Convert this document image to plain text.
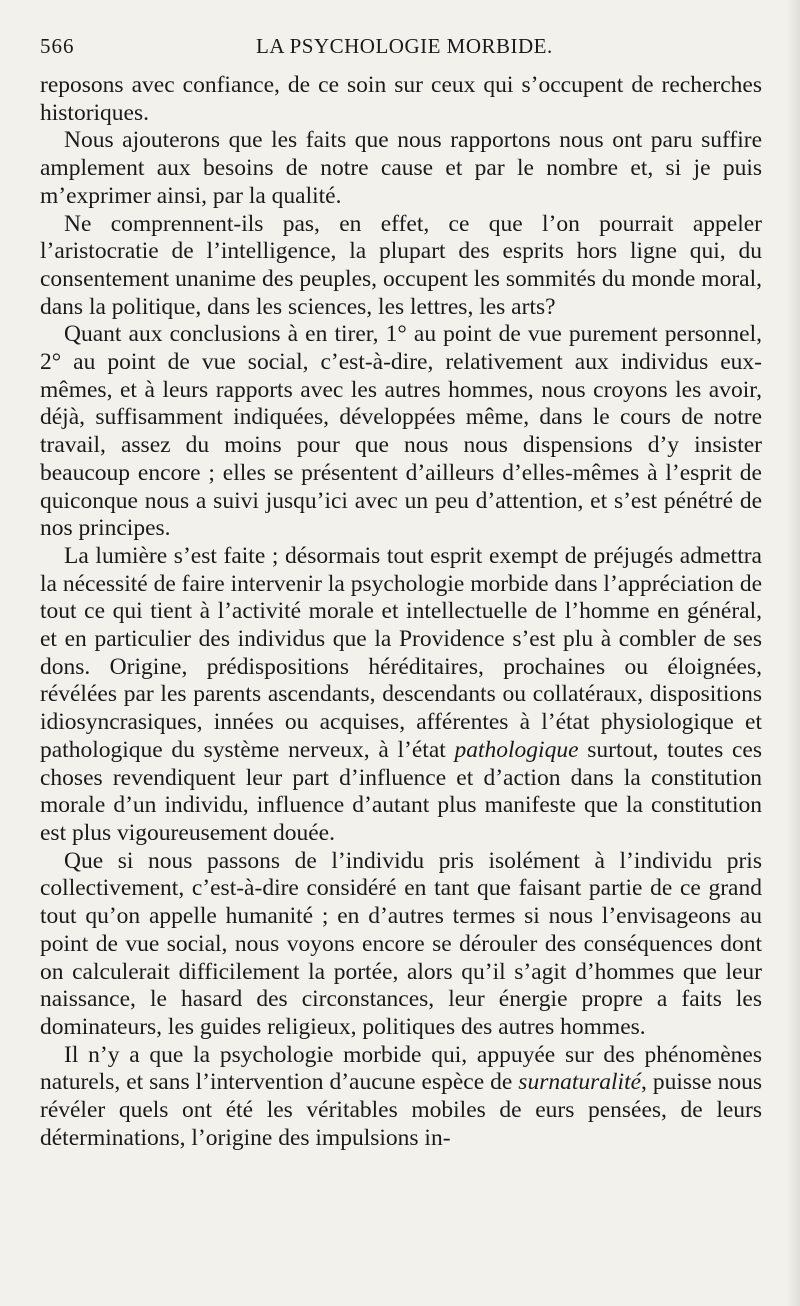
566	LA PSYCHOLOGIE MORBIDE.

reposons avec confiance, de ce soin sur ceux qui s’occupent de recherches historiques.

Nous ajouterons que les faits que nous rapportons nous ont paru suffire amplement aux besoins de notre cause et par le nombre et, si je puis m’exprimer ainsi, par la qualité.

Ne comprennent-ils pas, en effet, ce que l’on pourrait appeler l’aristocratie de l’intelligence, la plupart des esprits hors ligne qui, du consentement unanime des peuples, occupent les sommités du monde moral, dans la politique, dans les sciences, les lettres, les arts?

Quant aux conclusions à en tirer, 1° au point de vue purement personnel, 2° au point de vue social, c’est-à-dire, relativement aux individus eux-mêmes, et à leurs rapports avec les autres hommes, nous croyons les avoir, déjà, suffisamment indiquées, développées même, dans le cours de notre travail, assez du moins pour que nous nous dispensions d’y insister beaucoup encore ; elles se présentent d’ailleurs d’elles-mêmes à l’esprit de quiconque nous a suivi jusqu’ici avec un peu d’attention, et s’est pénétré de nos principes.

La lumière s’est faite ; désormais tout esprit exempt de préjugés admettra la nécessité de faire intervenir la psychologie morbide dans l’appréciation de tout ce qui tient à l’activité morale et intellectuelle de l’homme en général, et en particulier des individus que la Providence s’est plu à combler de ses dons. Origine, prédispositions héréditaires, prochaines ou éloignées, révélées par les parents ascendants, descendants ou collatéraux, dispositions idiosyncrasiques, innées ou acquises, afférentes à l’état physiologique et pathologique du système nerveux, à l’état pathologique surtout, toutes ces choses revendiquent leur part d’influence et d’action dans la constitution morale d’un individu, influence d’autant plus manifeste que la constitution est plus vigoureusement douée.

Que si nous passons de l’individu pris isolément à l’individu pris collectivement, c’est-à-dire considéré en tant que faisant partie de ce grand tout qu’on appelle humanité ; en d’autres termes si nous l’envisageons au point de vue social, nous voyons encore se dérouler des conséquences dont on calculerait difficilement la portée, alors qu’il s’agit d’hommes que leur naissance, le hasard des circonstances, leur énergie propre a faits les dominateurs, les guides religieux, politiques des autres hommes.

Il n’y a que la psychologie morbide qui, appuyée sur des phénomènes naturels, et sans l’intervention d’aucune espèce de surnaturalité, puisse nous révéler quels ont été les véritables mobiles de eurs pensées, de leurs déterminations, l’origine des impulsions in-
